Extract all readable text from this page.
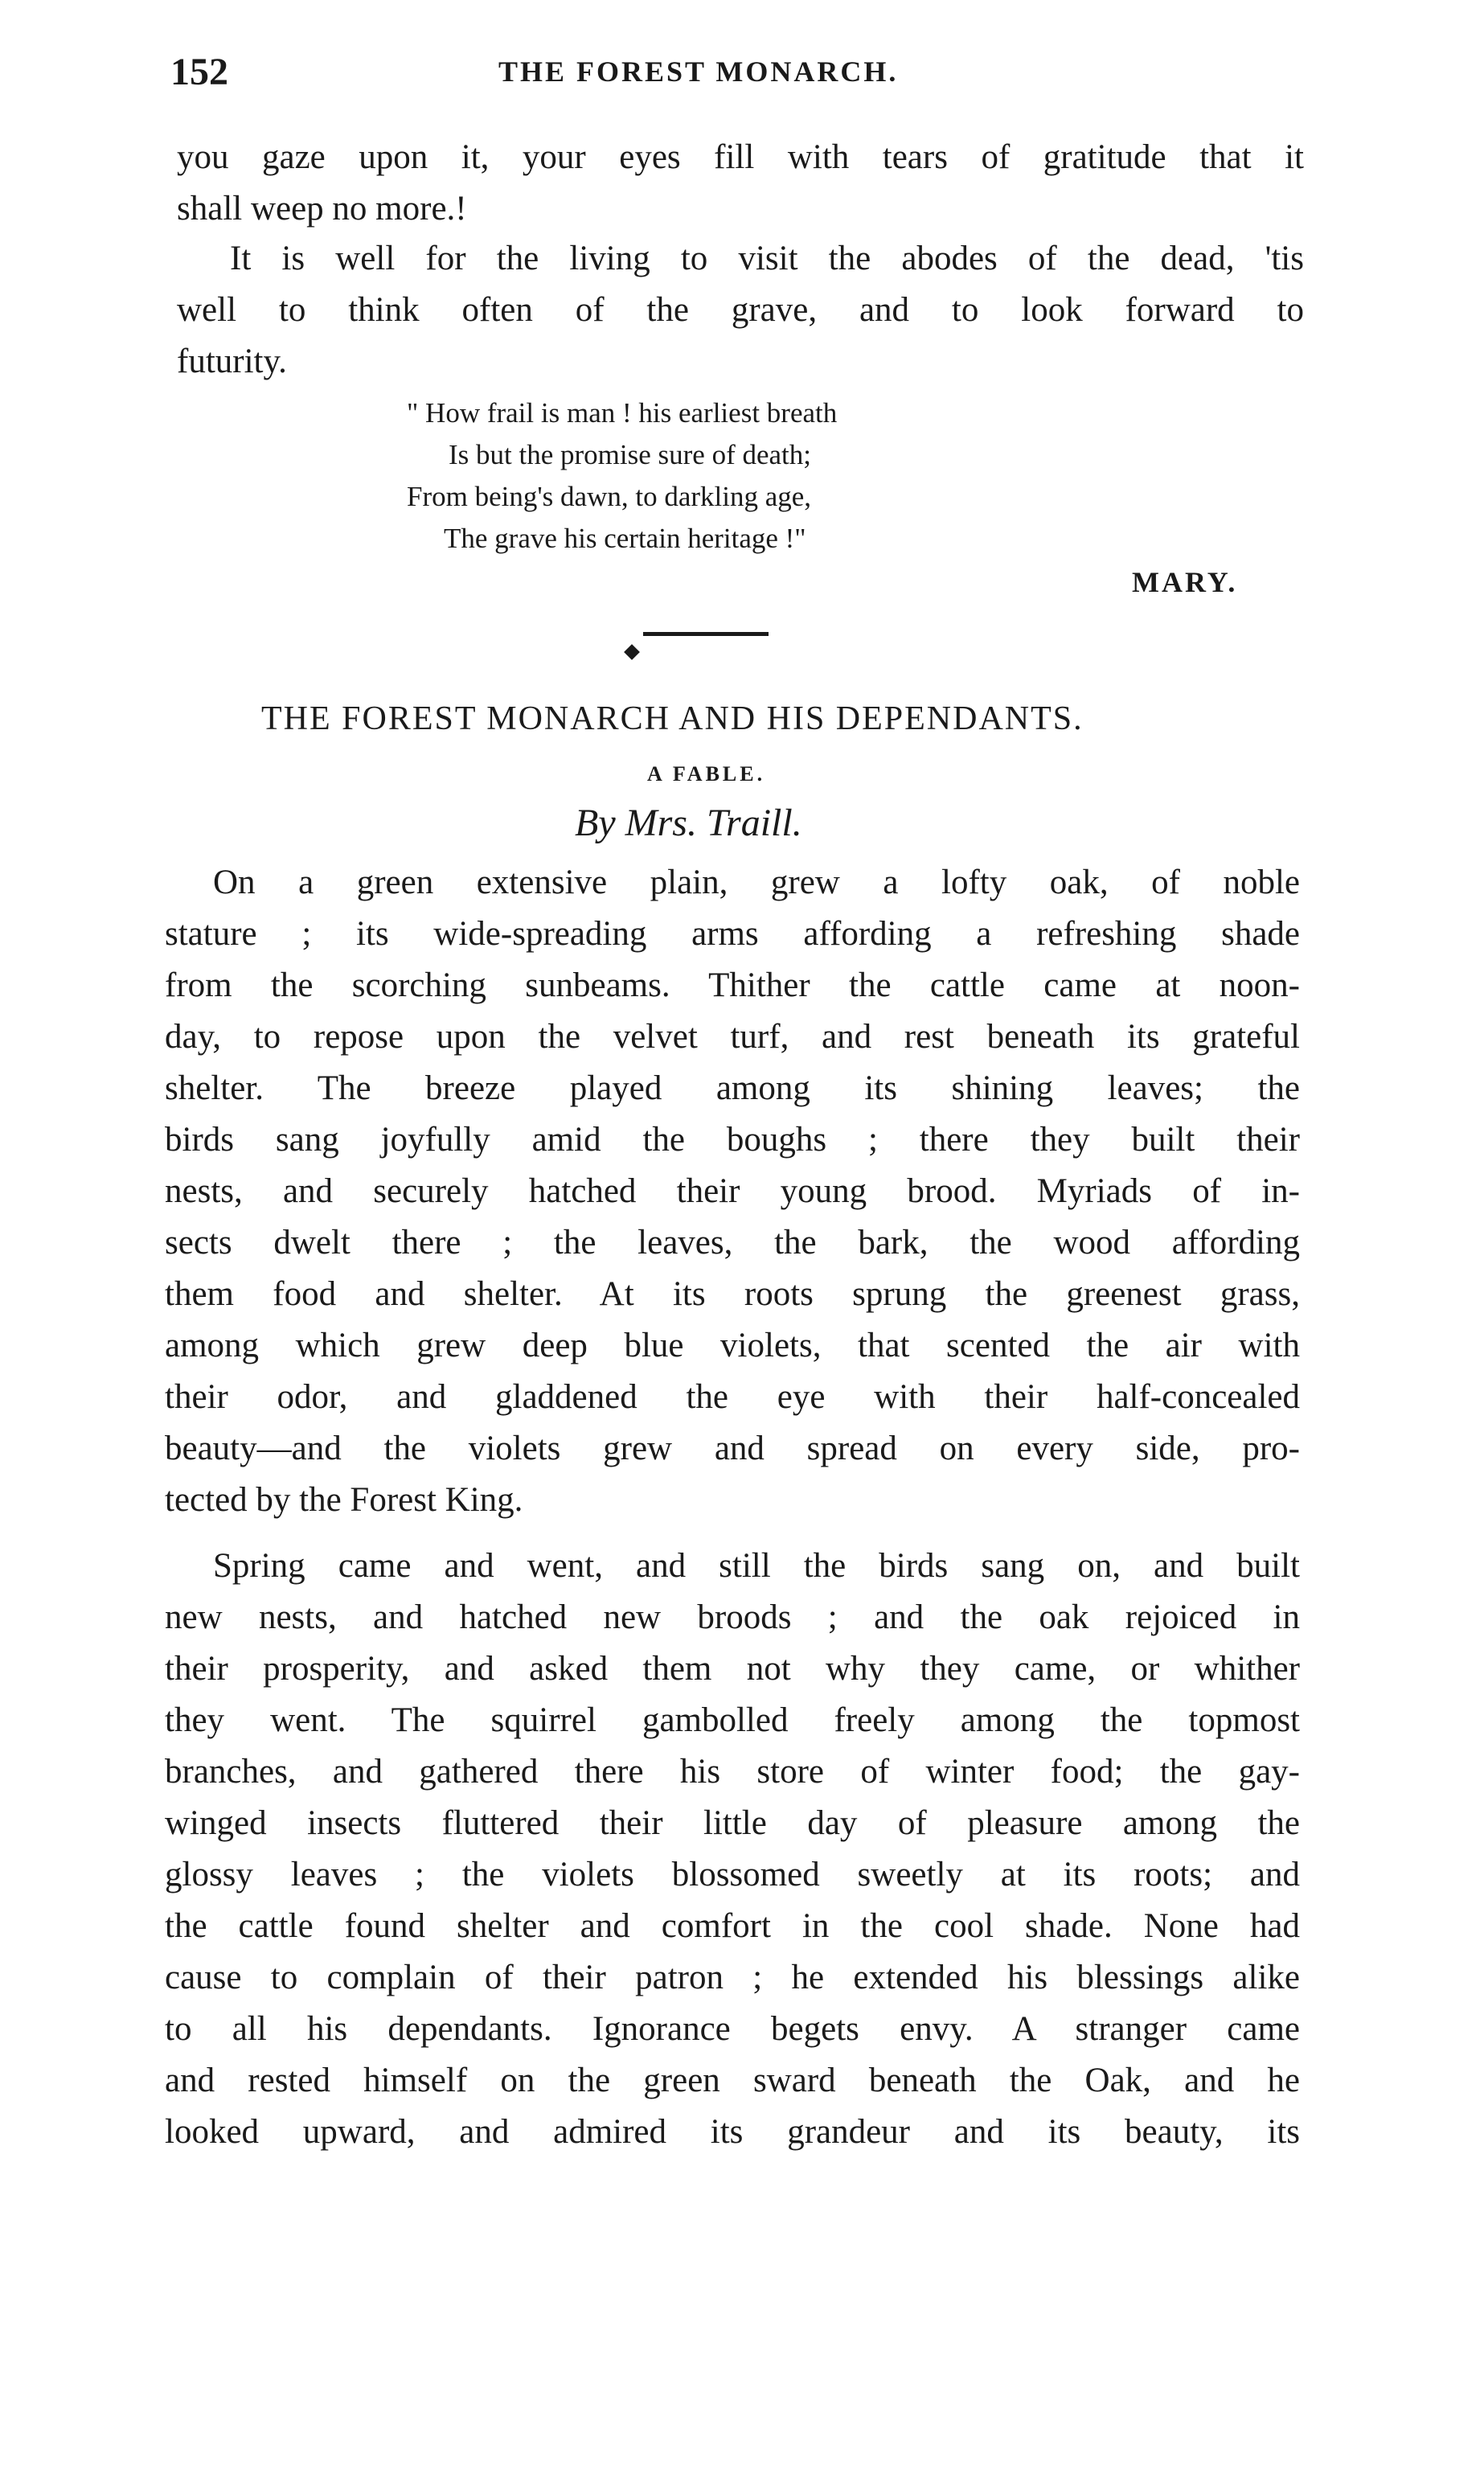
152	THE FOREST MONARCH.
you gaze upon it, your eyes fill with tears of gratitude that it
shall weep no more.!
It is well for the living to visit the abodes of the dead, 'tis
well to think often of the grave, and to look forward to
futurity.
" How frail is man ! his earliest breath
Is but the promise sure of death;
From being's dawn, to darkling age,
The grave his certain heritage !"
MARY.
THE FOREST MONARCH AND HIS DEPENDANTS.
A FABLE.
By Mrs. Traill.
On a green extensive plain, grew a lofty oak, of noble
stature ; its wide-spreading arms affording a refreshing shade
from the scorching sunbeams. Thither the cattle came at noon-
day, to repose upon the velvet turf, and rest beneath its grateful
shelter. The breeze played among its shining leaves; the
birds sang joyfully amid the boughs ; there they built their
nests, and securely hatched their young brood. Myriads of in-
sects dwelt there ; the leaves, the bark, the wood affording
them food and shelter. At its roots sprung the greenest grass,
among which grew deep blue violets, that scented the air with
their odor, and gladdened the eye with their half-concealed
beauty—and the violets grew and spread on every side, pro-
tected by the Forest King.
Spring came and went, and still the birds sang on, and built
new nests, and hatched new broods ; and the oak rejoiced in
their prosperity, and asked them not why they came, or whither
they went. The squirrel gambolled freely among the topmost
branches, and gathered there his store of winter food; the gay-
winged insects fluttered their little day of pleasure among the
glossy leaves ; the violets blossomed sweetly at its roots; and
the cattle found shelter and comfort in the cool shade. None had
cause to complain of their patron ; he extended his blessings alike
to all his dependants. Ignorance begets envy. A stranger came
and rested himself on the green sward beneath the Oak, and he
looked upward, and admired its grandeur and its beauty, its
